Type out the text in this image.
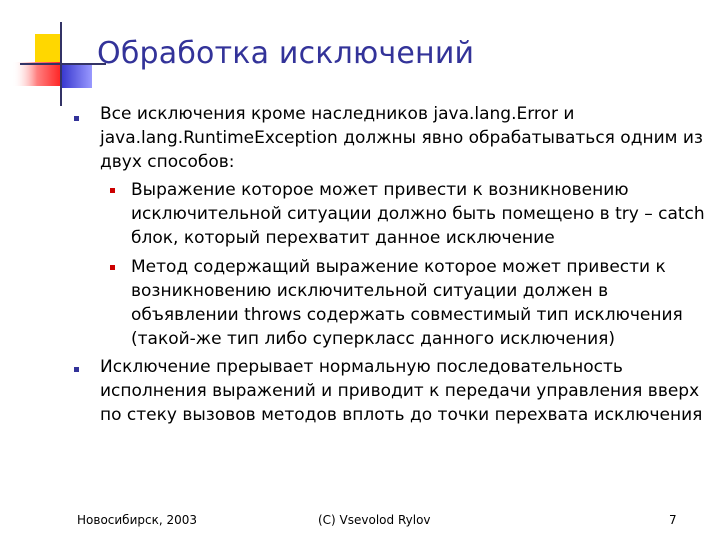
Обработка исключений
Все исключения кроме наследников java.lang.Error и java.lang.RuntimeException должны явно обрабатываться одним из двух способов:
Выражение которое может привести к возникновению исключительной ситуации должно быть помещено в try – catch блок, который перехватит данное исключение
Метод содержащий выражение которое может привести к возникновению исключительной ситуации должен в объявлении throws содержать совместимый тип исключения (такой-же тип либо суперкласс данного исключения)
Исключение прерывает нормальную последовательность исполнения выражений и приводит к передачи управления вверх по стеку вызовов методов вплоть до точки перехвата исключения
Новосибирск, 2003	(C) Vsevolod Rylov	7
